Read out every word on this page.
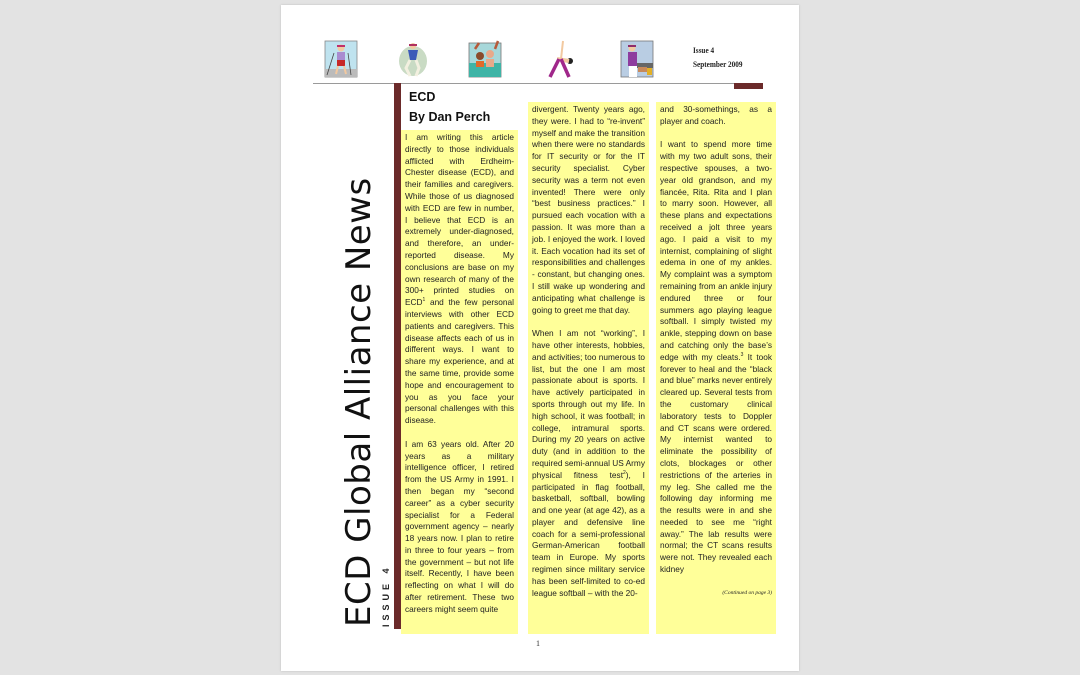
Issue 4
September 2009
ECD Global Alliance News ISSUE 4
ECD
By Dan Perch

I am writing this article directly to those individuals afflicted with Erdheim-Chester disease (ECD), and their families and caregivers. While those of us diagnosed with ECD are few in number, I believe that ECD is an extremely under-diagnosed, and therefore, an under-reported disease. My conclusions are base on my own research of many of the 300+ printed studies on ECD$^1$ and the few personal interviews with other ECD patients and caregivers. This disease affects each of us in different ways. I want to share my experience, and at the same time, provide some hope and encouragement to you as you face your personal challenges with this disease.

I am 63 years old. After 20 years as a military intelligence officer, I retired from the US Army in 1991. I then began my “second career” as a cyber security specialist for a Federal government agency – nearly 18 years now. I plan to retire in three to four years – from the government – but not life itself. Recently, I have been reflecting on what I will do after retirement. These two careers might seem quite

divergent. Twenty years ago, they were. I had to “re-invent” myself and make the transition when there were no standards for IT security or for the IT security specialist. Cyber security was a term not even invented! There were only “best business practices.” I pursued each vocation with a passion. It was more than a job. I enjoyed the work. I loved it. Each vocation had its set of responsibilities and challenges - constant, but changing ones. I still wake up wondering and anticipating what challenge is going to greet me that day.

When I am not “working”, I have other interests, hobbies, and activities; too numerous to list, but the one I am most passionate about is sports. I have actively participated in sports through out my life. In high school, it was football; in college, intramural sports. During my 20 years on active duty (and in addition to the required semi-annual US Army physical fitness test$^2$), I participated in flag football, basketball, softball, bowling and one year (at age 42), as a player and defensive line coach for a semi-professional German-American football team in Europe. My sports regimen since military service has been self-limited to co-ed league softball – with the 20-

and 30-somethings, as a player and coach.

I want to spend more time with my two adult sons, their respective spouses, a two-year old grandson, and my fiancée, Rita. Rita and I plan to marry soon. However, all these plans and expectations received a jolt three years ago. I paid a visit to my internist, complaining of slight edema in one of my ankles. My complaint was a symptom remaining from an ankle injury endured three or four summers ago playing league softball. I simply twisted my ankle, stepping down on base and catching only the base’s edge with my cleats.$^3$ It took forever to heal and the “black and blue” marks never entirely cleared up. Several tests from the customary clinical laboratory tests to Doppler and CT scans were ordered. My internist wanted to eliminate the possibility of clots, blockages or other restrictions of the arteries in my leg. She called me the following day informing me the results were in and she needed to see me “right away.” The lab results were normal; the CT scans results were not. They revealed each kidney

(Continued on page 3)
1
